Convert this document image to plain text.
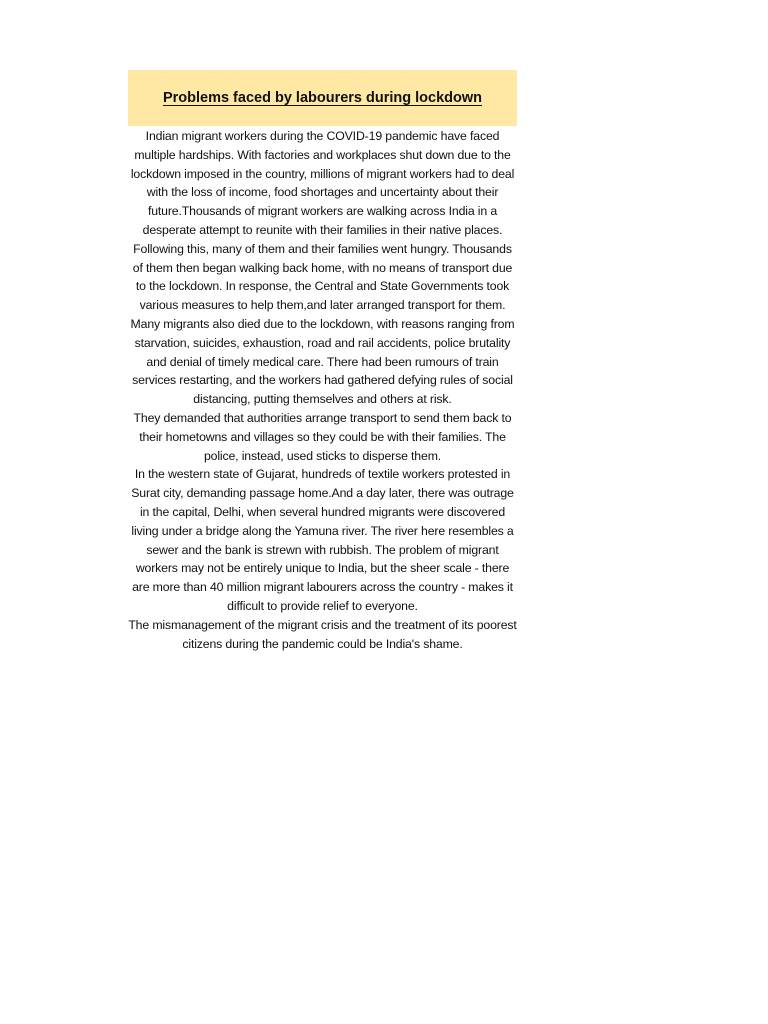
Problems faced by labourers during lockdown

Indian migrant workers during the COVID-19 pandemic have faced multiple hardships. With factories and workplaces shut down due to the lockdown imposed in the country, millions of migrant workers had to deal with the loss of income, food shortages and uncertainty about their future.Thousands of migrant workers are walking across India in a desperate attempt to reunite with their families in their native places. Following this, many of them and their families went hungry. Thousands of them then began walking back home, with no means of transport due to the lockdown. In response, the Central and State Governments took various measures to help them,and later arranged transport for them. Many migrants also died due to the lockdown, with reasons ranging from starvation, suicides, exhaustion, road and rail accidents, police brutality and denial of timely medical care. There had been rumours of train services restarting, and the workers had gathered defying rules of social distancing, putting themselves and others at risk.

They demanded that authorities arrange transport to send them back to their hometowns and villages so they could be with their families. The police, instead, used sticks to disperse them.

In the western state of Gujarat, hundreds of textile workers protested in Surat city, demanding passage home.And a day later, there was outrage in the capital, Delhi, when several hundred migrants were discovered living under a bridge along the Yamuna river. The river here resembles a sewer and the bank is strewn with rubbish. The problem of migrant workers may not be entirely unique to India, but the sheer scale - there are more than 40 million migrant labourers across the country - makes it difficult to provide relief to everyone.

The mismanagement of the migrant crisis and the treatment of its poorest citizens during the pandemic could be India's shame.
